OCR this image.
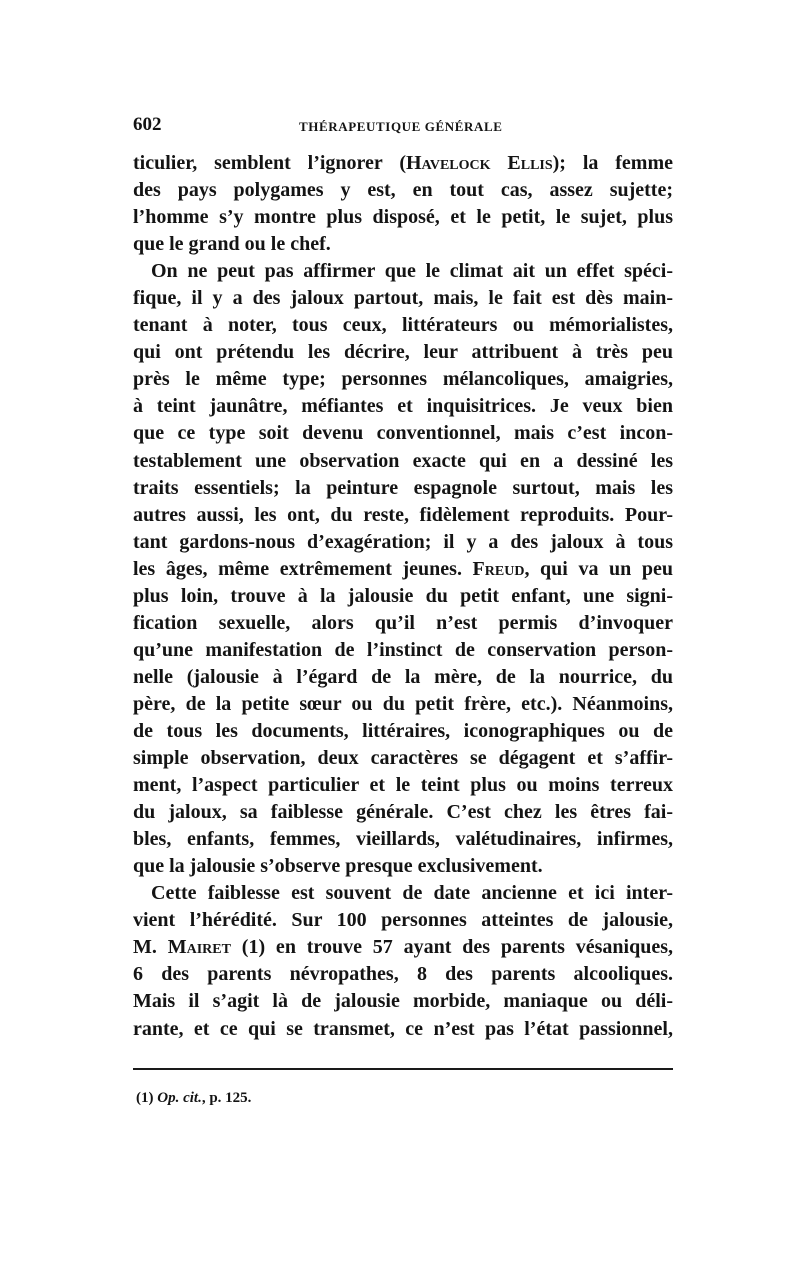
602	THÉRAPEUTIQUE GÉNÉRALE
ticulier, semblent l’ignorer (Havelock Ellis); la femme
des pays polygames y est, en tout cas, assez sujette;
l’homme s’y montre plus disposé, et le petit, le sujet, plus
que le grand ou le chef.
On ne peut pas affirmer que le climat ait un effet spéci-
fique, il y a des jaloux partout, mais, le fait est dès main-
tenant à noter, tous ceux, littérateurs ou mémorialistes,
qui ont prétendu les décrire, leur attribuent à très peu
près le même type; personnes mélancoliques, amaigries,
à teint jaunâtre, méfiantes et inquisitrices. Je veux bien
que ce type soit devenu conventionnel, mais c’est incon-
testablement une observation exacte qui en a dessiné les
traits essentiels; la peinture espagnole surtout, mais les
autres aussi, les ont, du reste, fidèlement reproduits. Pour-
tant gardons-nous d’exagération; il y a des jaloux à tous
les âges, même extrêmement jeunes. Freud, qui va un peu
plus loin, trouve à la jalousie du petit enfant, une signi-
fication sexuelle, alors qu’il n’est permis d’invoquer
qu’une manifestation de l’instinct de conservation person-
nelle (jalousie à l’égard de la mère, de la nourrice, du
père, de la petite sœur ou du petit frère, etc.). Néanmoins,
de tous les documents, littéraires, iconographiques ou de
simple observation, deux caractères se dégagent et s’affir-
ment, l’aspect particulier et le teint plus ou moins terreux
du jaloux, sa faiblesse générale. C’est chez les êtres fai-
bles, enfants, femmes, vieillards, valétudinaires, infirmes,
que la jalousie s’observe presque exclusivement.
Cette faiblesse est souvent de date ancienne et ici inter-
vient l’hérédité. Sur 100 personnes atteintes de jalousie,
M. Mairet (1) en trouve 57 ayant des parents vésaniques,
6 des parents névropathes, 8 des parents alcooliques.
Mais il s’agit là de jalousie morbide, maniaque ou déli-
rante, et ce qui se transmet, ce n’est pas l’état passionnel,
(1) Op. cit., p. 125.
